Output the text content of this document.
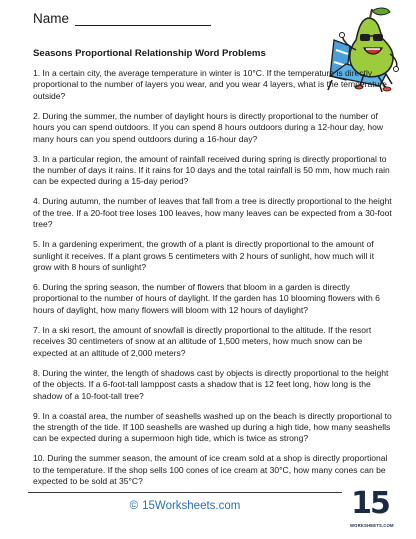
Name
Seasons Proportional Relationship Word Problems
1. In a certain city, the average temperature in winter is 10°C. If the temperature is directly proportional to the number of layers you wear, and you wear 4 layers, what is the temperature outside?
2. During the summer, the number of daylight hours is directly proportional to the number of hours you can spend outdoors. If you can spend 8 hours outdoors during a 12-hour day, how many hours can you spend outdoors during a 16-hour day?
3. In a particular region, the amount of rainfall received during spring is directly proportional to the number of days it rains. If it rains for 10 days and the total rainfall is 50 mm, how much rain can be expected during a 15-day period?
4. During autumn, the number of leaves that fall from a tree is directly proportional to the height of the tree. If a 20-foot tree loses 100 leaves, how many leaves can be expected from a 30-foot tree?
5. In a gardening experiment, the growth of a plant is directly proportional to the amount of sunlight it receives. If a plant grows 5 centimeters with 2 hours of sunlight, how much will it grow with 8 hours of sunlight?
6. During the spring season, the number of flowers that bloom in a garden is directly proportional to the number of hours of daylight. If the garden has 10 blooming flowers with 6 hours of daylight, how many flowers will bloom with 12 hours of daylight?
7. In a ski resort, the amount of snowfall is directly proportional to the altitude. If the resort receives 30 centimeters of snow at an altitude of 1,500 meters, how much snow can be expected at an altitude of 2,000 meters?
8. During the winter, the length of shadows cast by objects is directly proportional to the height of the objects. If a 6-foot-tall lamppost casts a shadow that is 12 feet long, how long is the shadow of a 10-foot-tall tree?
9. In a coastal area, the number of seashells washed up on the beach is directly proportional to the strength of the tide. If 100 seashells are washed up during a high tide, how many seashells can be expected during a supermoon high tide, which is twice as strong?
10. During the summer season, the amount of ice cream sold at a shop is directly proportional to the temperature. If the shop sells 100 cones of ice cream at 30°C, how many cones can be expected to be sold at 35°C?
© 15Worksheets.com	15
WORKSHEETS.COM
